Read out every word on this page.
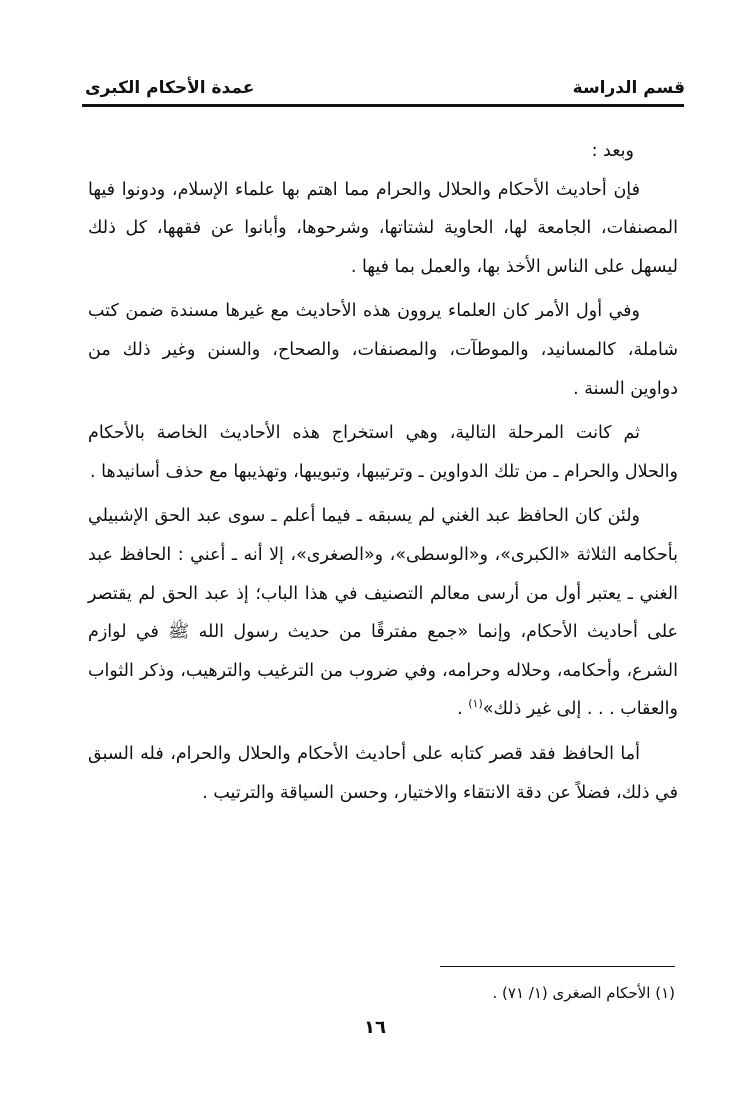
قسم الدراسة
عمدة الأحكام الكبرى

وبعد :

فإن أحاديث الأحكام والحلال والحرام مما اهتم بها علماء الإسلام، ودونوا فيها المصنفات، الجامعة لها، الحاوية لشتاتها، وشرحوها، وأبانوا عن فقهها، كل ذلك ليسهل على الناس الأخذ بها، والعمل بما فيها .

وفي أول الأمر كان العلماء يروون هذه الأحاديث مع غيرها مسندة ضمن كتب شاملة، كالمسانيد، والموطآت، والمصنفات، والصحاح، والسنن وغير ذلك من دواوين السنة .

ثم كانت المرحلة التالية، وهي استخراج هذه الأحاديث الخاصة بالأحكام والحلال والحرام ـ من تلك الدواوين ـ وترتيبها، وتبويبها، وتهذيبها مع حذف أسانيدها .

ولئن كان الحافظ عبد الغني لم يسبقه ـ فيما أعلم ـ سوى عبد الحق الإشبيلي بأحكامه الثلاثة «الكبرى»، و«الوسطى»، و«الصغرى»، إلا أنه ـ أعني : الحافظ عبد الغني ـ يعتبر أول من أرسى معالم التصنيف في هذا الباب؛ إذ عبد الحق لم يقتصر على أحاديث الأحكام، وإنما «جمع مفترقًا من حديث رسول الله ﷺ في لوازم الشرع، وأحكامه، وحلاله وحرامه، وفي ضروب من الترغيب والترهيب، وذكر الثواب والعقاب . . . إلى غير ذلك»$^{(١)}$ .

أما الحافظ فقد قصر كتابه على أحاديث الأحكام والحلال والحرام، فله السبق في ذلك، فضلاً عن دقة الانتقاء والاختيار، وحسن السياقة والترتيب .

(١) الأحكام الصغرى (١/ ٧١) .
١٦
